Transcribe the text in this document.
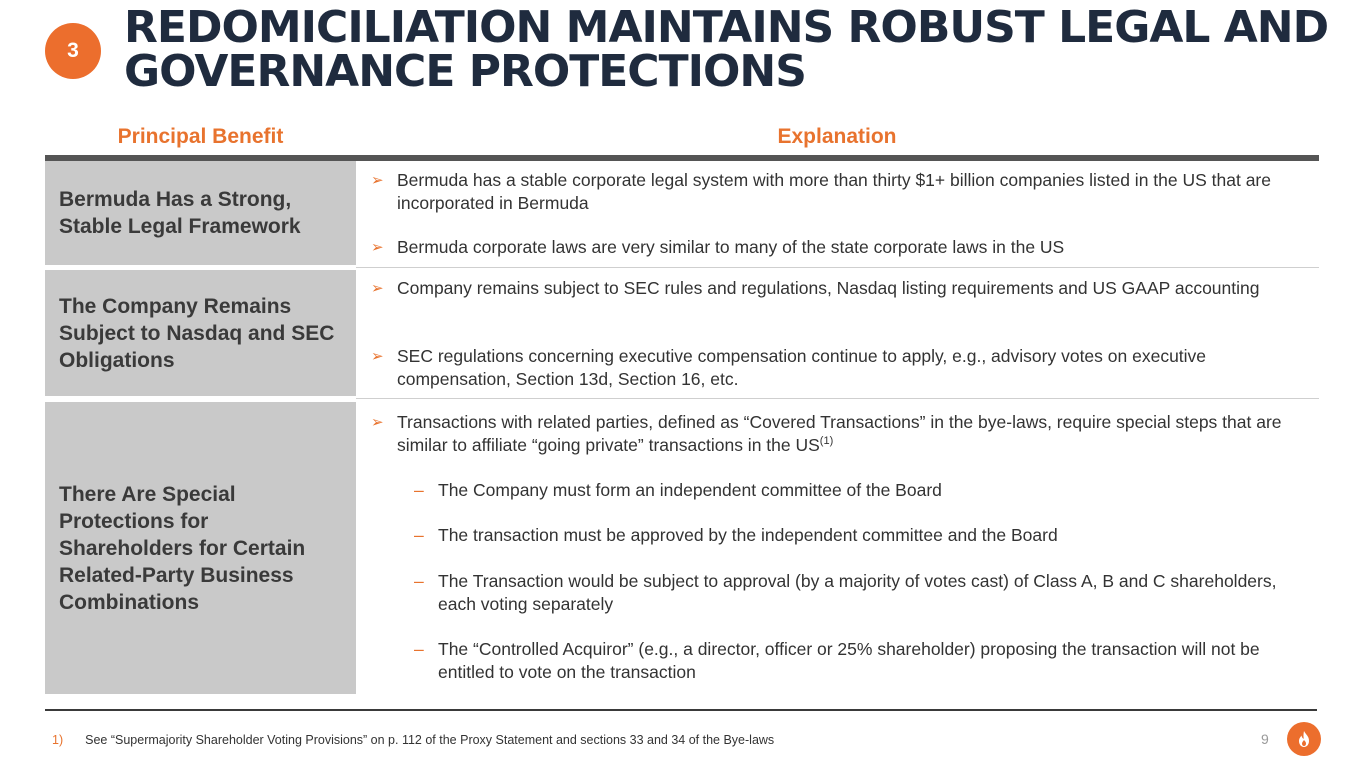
3	REDOMICILIATION MAINTAINS ROBUST LEGAL AND
GOVERNANCE PROTECTIONS
Principal Benefit	Explanation
Bermuda Has a Strong, Stable Legal Framework
➢ Bermuda has a stable corporate legal system with more than thirty $1+ billion companies listed in the US that are incorporated in Bermuda
➢ Bermuda corporate laws are very similar to many of the state corporate laws in the US
The Company Remains Subject to Nasdaq and SEC Obligations
➢ Company remains subject to SEC rules and regulations, Nasdaq listing requirements and US GAAP accounting
➢ SEC regulations concerning executive compensation continue to apply, e.g., advisory votes on executive compensation, Section 13d, Section 16, etc.
There Are Special Protections for Shareholders for Certain Related-Party Business Combinations
➢ Transactions with related parties, defined as “Covered Transactions” in the bye-laws, require special steps that are similar to affiliate “going private” transactions in the US$^{(1)}$
– The Company must form an independent committee of the Board
– The transaction must be approved by the independent committee and the Board
– The Transaction would be subject to approval (by a majority of votes cast) of Class A, B and C shareholders, each voting separately
– The “Controlled Acquiror” (e.g., a director, officer or 25% shareholder) proposing the transaction will not be entitled to vote on the transaction
1) See “Supermajority Shareholder Voting Provisions” on p. 112 of the Proxy Statement and sections 33 and 34 of the Bye-laws	9
